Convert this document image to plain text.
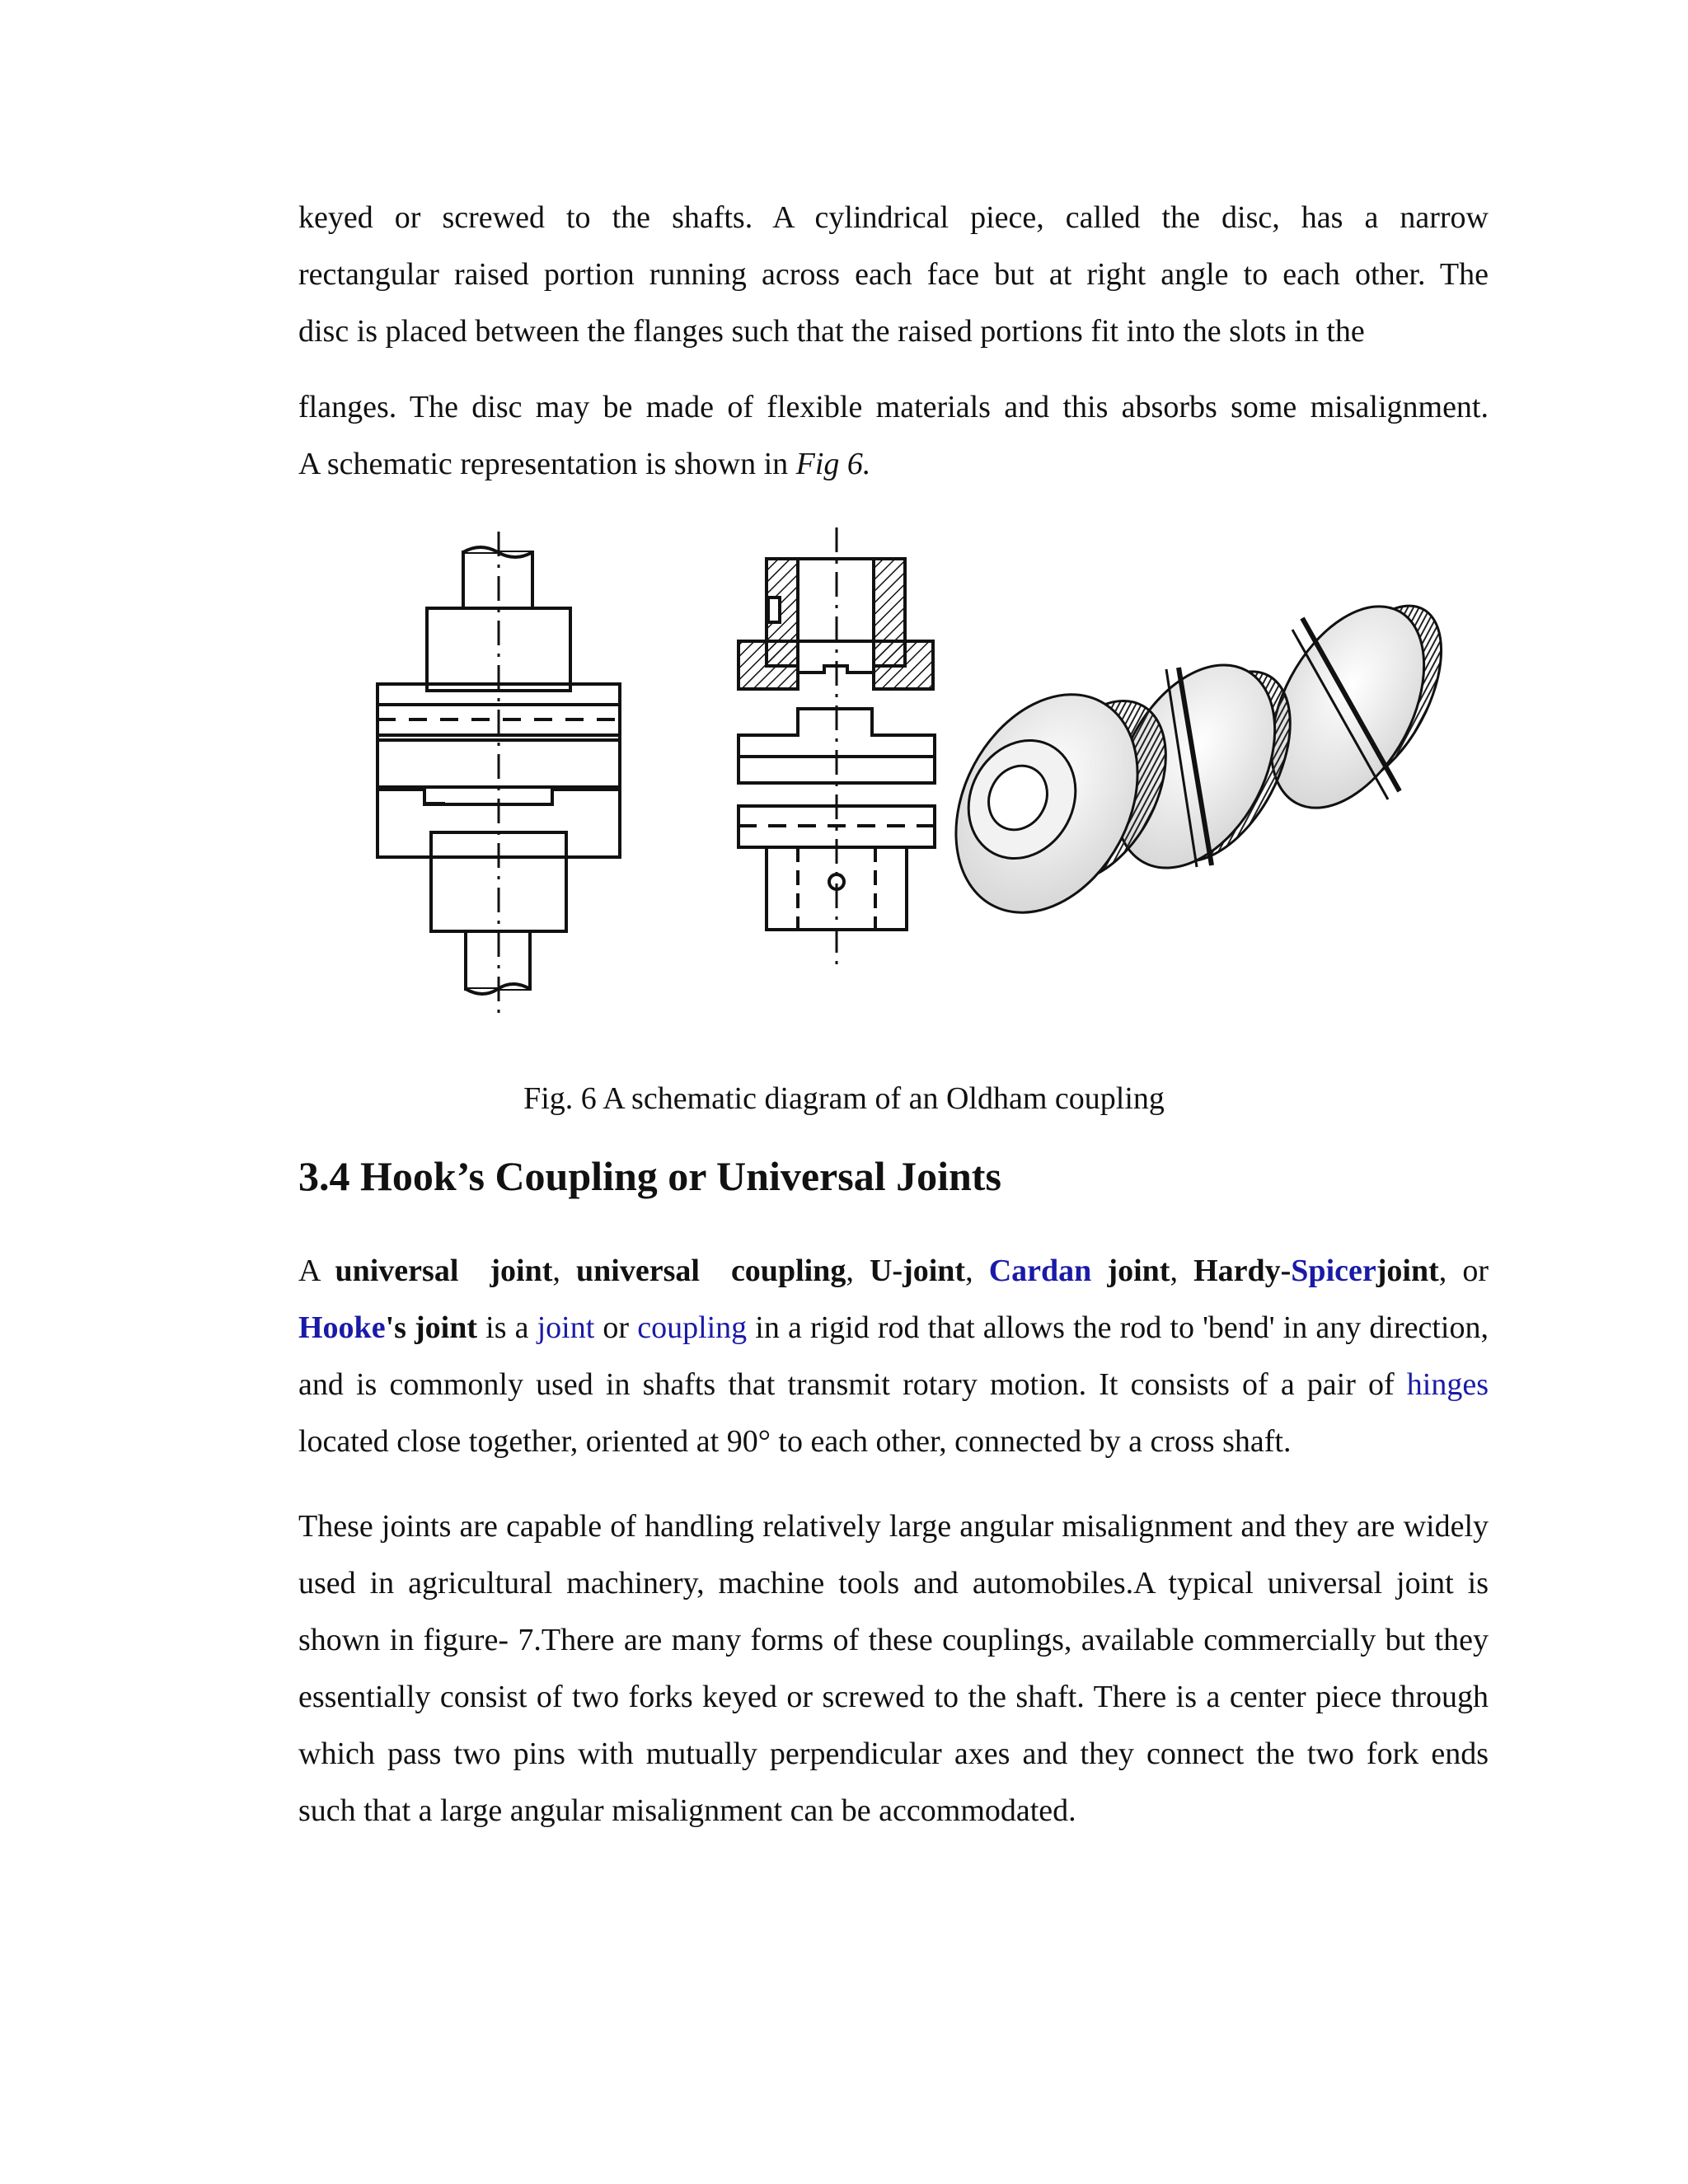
keyed or screwed to the shafts. A cylindrical piece, called the disc, has a narrow

rectangular raised portion running across each face but at right angle to each other. The

disc is placed between the flanges such that the raised portions fit into the slots in the

flanges. The disc may be made of flexible materials and this absorbs some misalignment.

A schematic representation is shown in Fig 6.

Fig. 6 A schematic diagram of an Oldham coupling

3.4 Hook’s Coupling or Universal Joints

A universal joint, universal coupling, U-joint, Cardan joint, Hardy-Spicerjoint, or Hooke's joint is a joint or coupling in a rigid rod that allows the rod to 'bend' in any direction, and is commonly used in shafts that transmit rotary motion. It consists of a pair of hinges located close together, oriented at 90° to each other, connected by a cross shaft.

These joints are capable of handling relatively large angular misalignment and they are widely used in agricultural machinery, machine tools and automobiles.A typical universal joint is shown in figure- 7.There are many forms of these couplings, available commercially but they essentially consist of two forks keyed or screwed to the shaft. There is a center piece through which pass two pins with mutually perpendicular axes and they connect the two fork ends such that a large angular misalignment can be accommodated.
